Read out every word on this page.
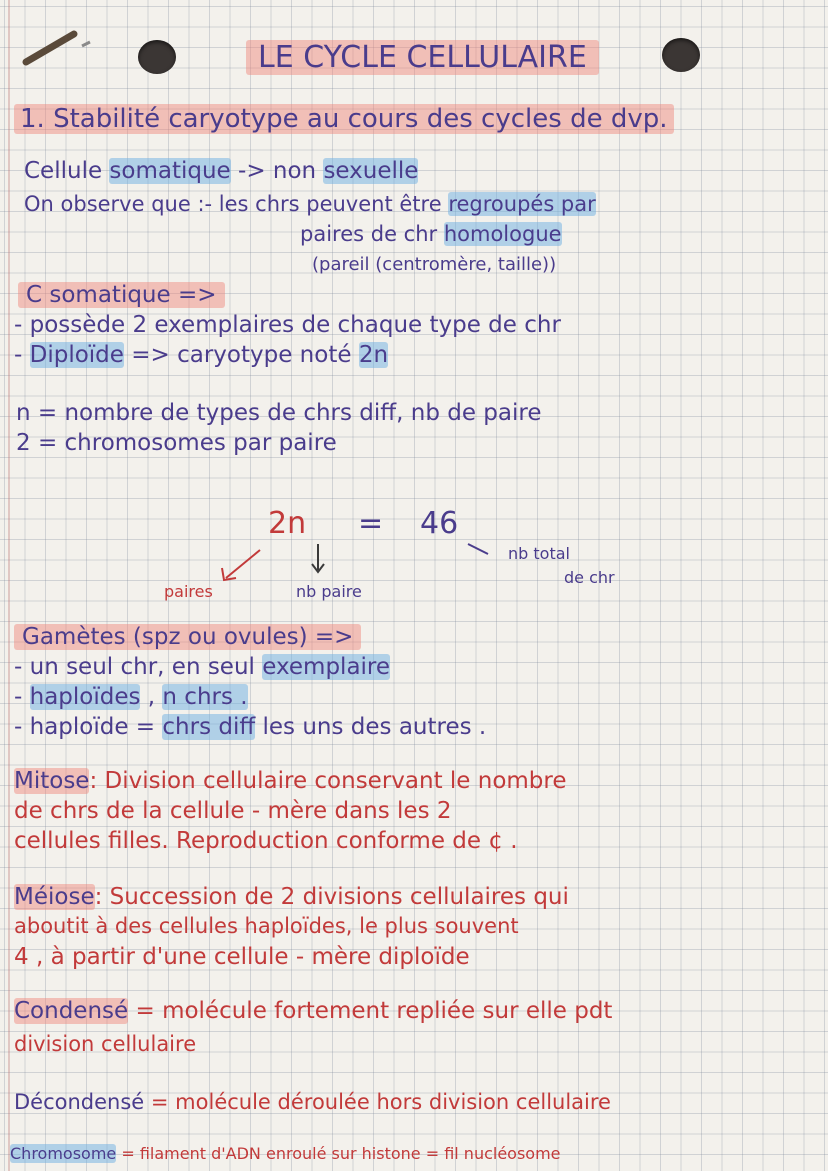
LE CYCLE CELLULAIRE
1. Stabilité caryotype au cours des cycles de dvp.
Cellule somatique -> non sexuelle
On observe que :- les chrs peuvent être regroupés par
paires de chr homologue
(pareil (centromère, taille))
C somatique =>
- possède 2 exemplaires de chaque type de chr
- Diploïde => caryotype noté 2n
n = nombre de types de chrs diff, nb de paire
2 = chromosomes par paire
2n = 46
paires	nb paire
nb total
de chr
Gamètes (spz ou ovules) =>
- un seul chr, en seul exemplaire
- haploïdes , n chrs .
- haploïde = chrs diff les uns des autres .
Mitose: Division cellulaire conservant le nombre
de chrs de la cellule - mère dans les 2
cellules filles. Reproduction conforme de ¢ .
Méiose: Succession de 2 divisions cellulaires qui
aboutit à des cellules haploïdes, le plus souvent
4 , à partir d'une cellule - mère diploïde
Condensé = molécule fortement repliée sur elle pdt
division cellulaire
Décondensé = molécule déroulée hors division cellulaire
Chromosome = filament d'ADN enroulé sur histone = fil nucléosome
